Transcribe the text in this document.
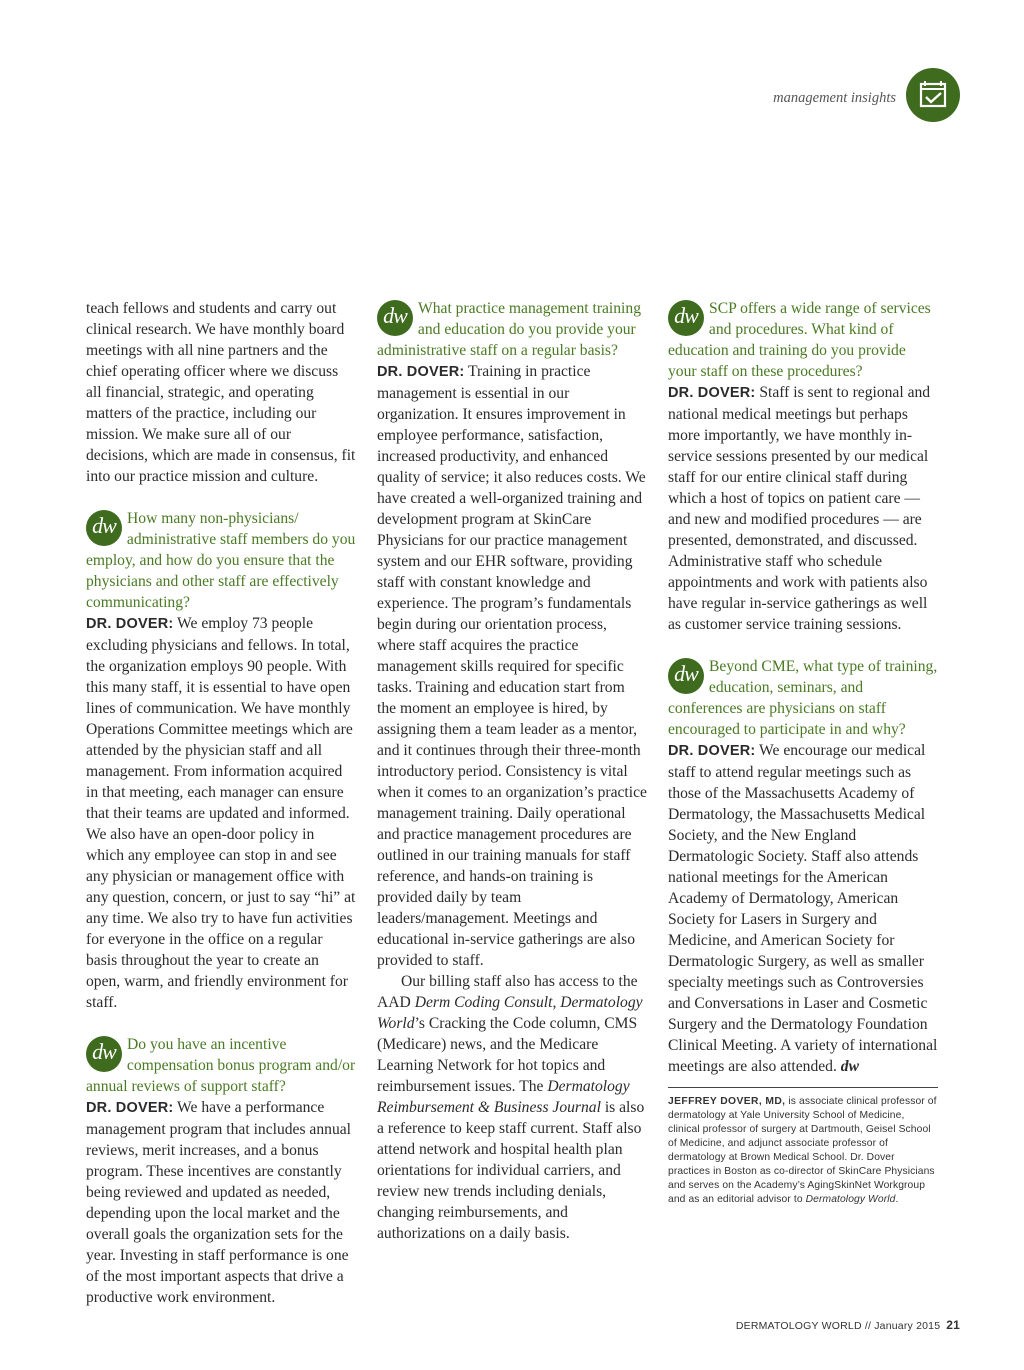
management insights

teach fellows and students and carry out clinical research. We have monthly board meetings with all nine partners and the chief operating officer where we discuss all financial, strategic, and operating matters of the practice, including our mission. We make sure all of our decisions, which are made in consensus, fit into our practice mission and culture.

dw How many non-physicians/ administrative staff members do you employ, and how do you ensure that the physicians and other staff are effectively communicating?

DR. DOVER: We employ 73 people excluding physicians and fellows. In total, the organization employs 90 people. With this many staff, it is essential to have open lines of communication. We have monthly Operations Committee meetings which are attended by the physician staff and all management. From information acquired in that meeting, each manager can ensure that their teams are updated and informed. We also have an open-door policy in which any employee can stop in and see any physician or management office with any question, concern, or just to say “hi” at any time. We also try to have fun activities for everyone in the office on a regular basis throughout the year to create an open, warm, and friendly environment for staff.

dw Do you have an incentive compensation bonus program and/or annual reviews of support staff?

DR. DOVER: We have a performance management program that includes annual reviews, merit increases, and a bonus program. These incentives are constantly being reviewed and updated as needed, depending upon the local market and the overall goals the organization sets for the year. Investing in staff performance is one of the most important aspects that drive a productive work environment.

dw What practice management training and education do you provide your administrative staff on a regular basis?

DR. DOVER: Training in practice management is essential in our organization. It ensures improvement in employee performance, satisfaction, increased productivity, and enhanced quality of service; it also reduces costs. We have created a well-organized training and development program at SkinCare Physicians for our practice management system and our EHR software, providing staff with constant knowledge and experience. The program’s fundamentals begin during our orientation process, where staff acquires the practice management skills required for specific tasks. Training and education start from the moment an employee is hired, by assigning them a team leader as a mentor, and it continues through their three-month introductory period. Consistency is vital when it comes to an organization’s practice management training. Daily operational and practice management procedures are outlined in our training manuals for staff reference, and hands-on training is provided daily by team leaders/management. Meetings and educational in-service gatherings are also provided to staff.

Our billing staff also has access to the AAD Derm Coding Consult, Dermatology World’s Cracking the Code column, CMS (Medicare) news, and the Medicare Learning Network for hot topics and reimbursement issues. The Dermatology Reimbursement & Business Journal is also a reference to keep staff current. Staff also attend network and hospital health plan orientations for individual carriers, and review new trends including denials, changing reimbursements, and authorizations on a daily basis.

dw SCP offers a wide range of services and procedures. What kind of education and training do you provide your staff on these procedures?

DR. DOVER: Staff is sent to regional and national medical meetings but perhaps more importantly, we have monthly in-service sessions presented by our medical staff for our entire clinical staff during which a host of topics on patient care — and new and modified procedures — are presented, demonstrated, and discussed. Administrative staff who schedule appointments and work with patients also have regular in-service gatherings as well as customer service training sessions.

dw Beyond CME, what type of training, education, seminars, and conferences are physicians on staff encouraged to participate in and why?

DR. DOVER: We encourage our medical staff to attend regular meetings such as those of the Massachusetts Academy of Dermatology, the Massachusetts Medical Society, and the New England Dermatologic Society. Staff also attends national meetings for the American Academy of Dermatology, American Society for Lasers in Surgery and Medicine, and American Society for Dermatologic Surgery, as well as smaller specialty meetings such as Controversies and Conversations in Laser and Cosmetic Surgery and the Dermatology Foundation Clinical Meeting. A variety of international meetings are also attended. dw

JEFFREY DOVER, MD, is associate clinical professor of dermatology at Yale University School of Medicine, clinical professor of surgery at Dartmouth, Geisel School of Medicine, and adjunct associate professor of dermatology at Brown Medical School. Dr. Dover practices in Boston as co-director of SkinCare Physicians and serves on the Academy’s AgingSkinNet Workgroup and as an editorial advisor to Dermatology World.
DERMATOLOGY WORLD // January 2015 21
